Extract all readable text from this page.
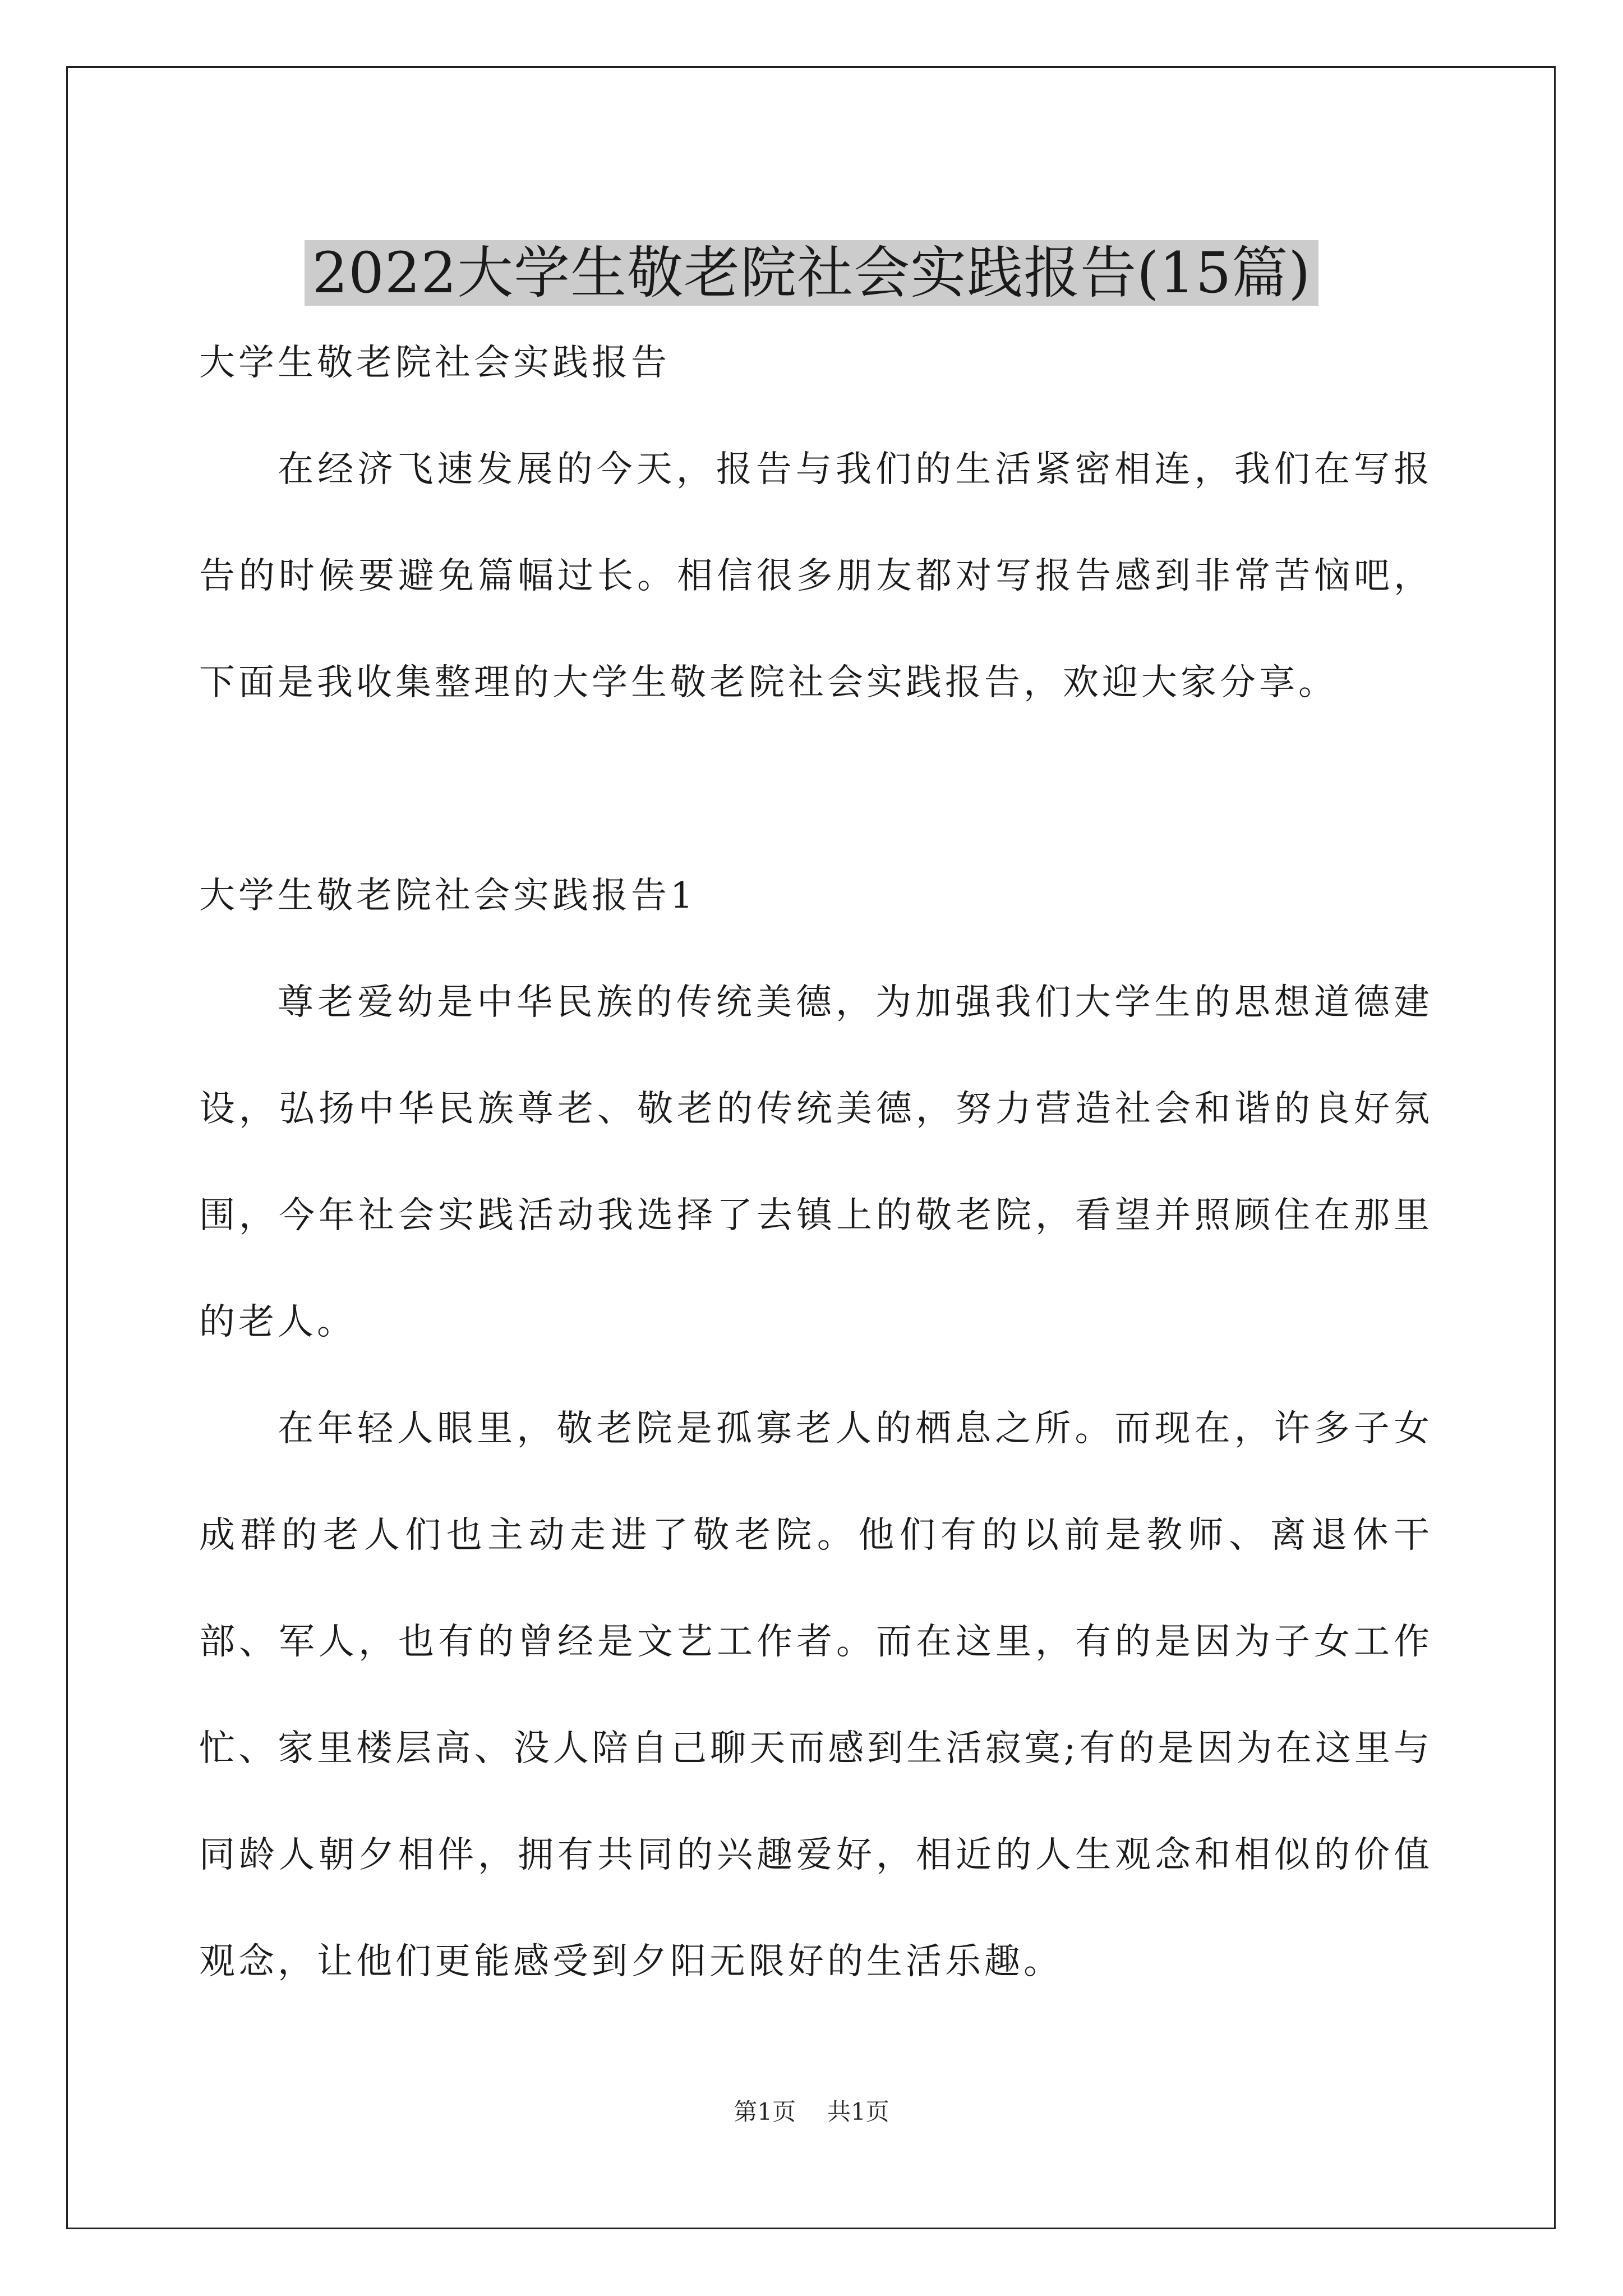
2022大学生敬老院社会实践报告(15篇)

大学生敬老院社会实践报告

在经济飞速发展的今天，报告与我们的生活紧密相连，我们在写报告的时候要避免篇幅过长。相信很多朋友都对写报告感到非常苦恼吧，下面是我收集整理的大学生敬老院社会实践报告，欢迎大家分享。

大学生敬老院社会实践报告1

尊老爱幼是中华民族的传统美德，为加强我们大学生的思想道德建设，弘扬中华民族尊老、敬老的传统美德，努力营造社会和谐的良好氛围，今年社会实践活动我选择了去镇上的敬老院，看望并照顾住在那里的老人。

在年轻人眼里，敬老院是孤寡老人的栖息之所。而现在，许多子女成群的老人们也主动走进了敬老院。他们有的以前是教师、离退休干部、军人，也有的曾经是文艺工作者。而在这里，有的是因为子女工作忙、家里楼层高、没人陪自己聊天而感到生活寂寞;有的是因为在这里与同龄人朝夕相伴，拥有共同的兴趣爱好，相近的人生观念和相似的价值观念，让他们更能感受到夕阳无限好的生活乐趣。

第1页 共1页
